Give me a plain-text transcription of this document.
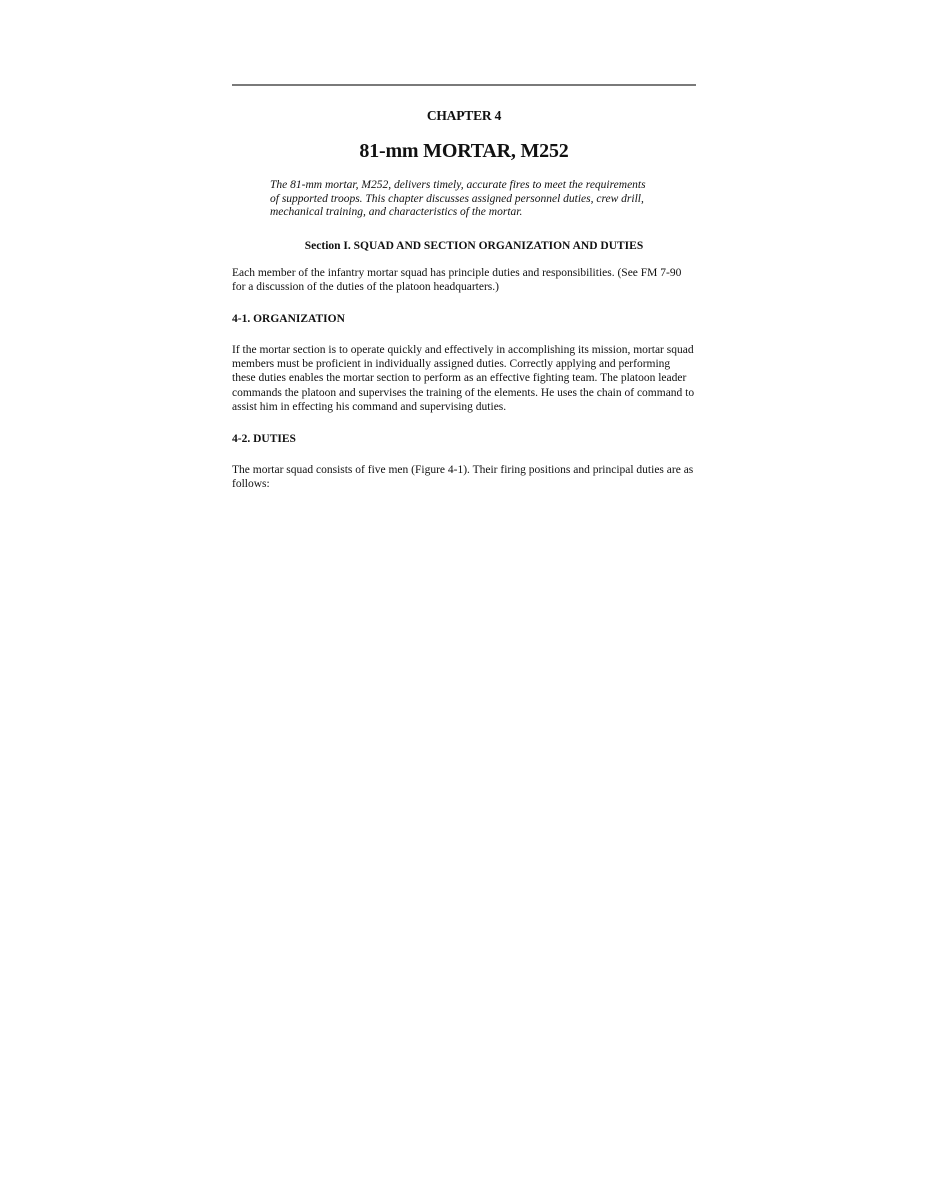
CHAPTER 4
81-mm MORTAR, M252
The 81-mm mortar, M252, delivers timely, accurate fires to meet the requirements of supported troops. This chapter discusses assigned personnel duties, crew drill, mechanical training, and characteristics of the mortar.
Section I. SQUAD AND SECTION ORGANIZATION AND DUTIES
Each member of the infantry mortar squad has principle duties and responsibilities. (See FM 7-90 for a discussion of the duties of the platoon headquarters.)
4-1. ORGANIZATION
If the mortar section is to operate quickly and effectively in accomplishing its mission, mortar squad members must be proficient in individually assigned duties. Correctly applying and performing these duties enables the mortar section to perform as an effective fighting team. The platoon leader commands the platoon and supervises the training of the elements. He uses the chain of command to assist him in effecting his command and supervising duties.
4-2. DUTIES
The mortar squad consists of five men (Figure 4-1). Their firing positions and principal duties are as follows:
